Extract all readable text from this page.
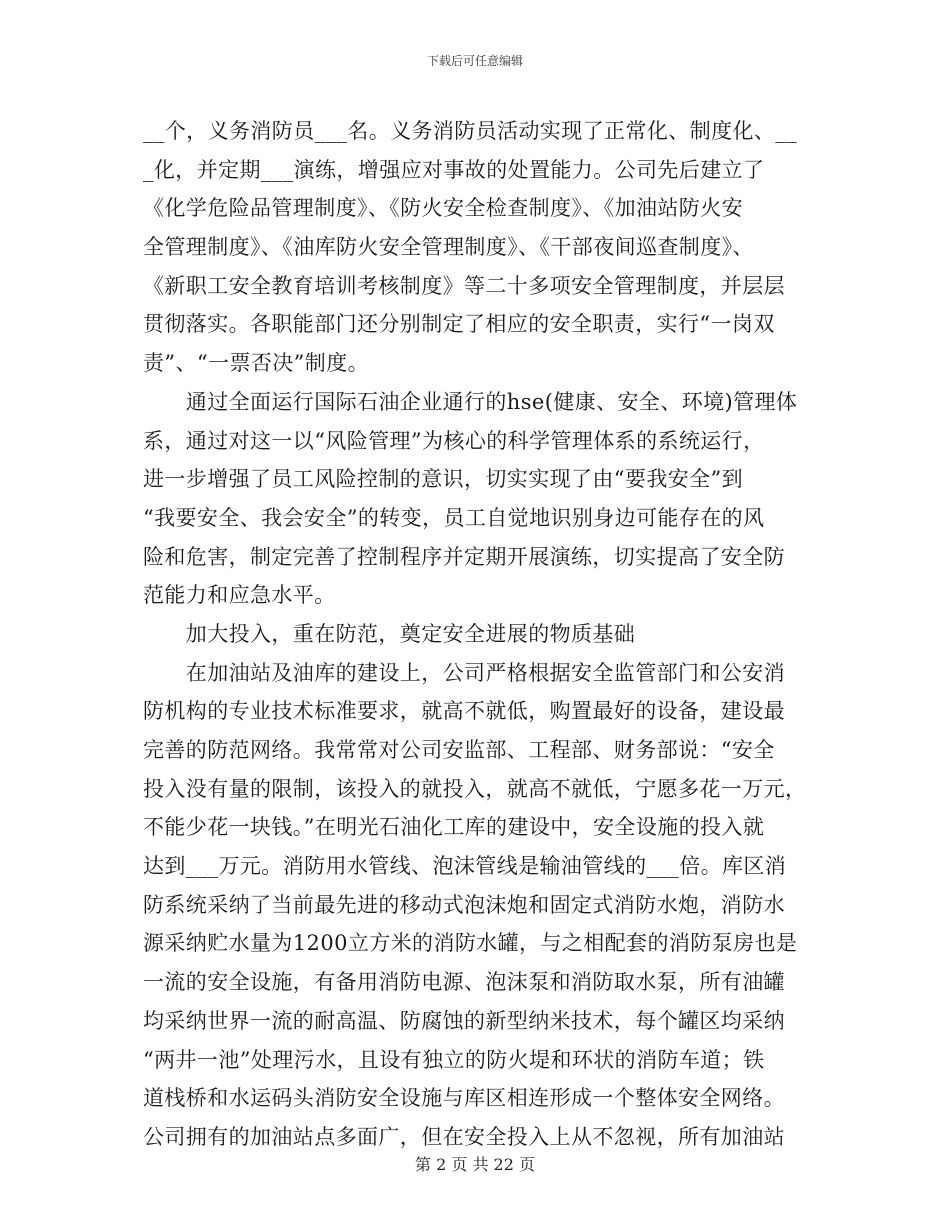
下载后可任意编辑
__个，义务消防员___名。义务消防员活动实现了正常化、制度化、__
_化，并定期___演练，增强应对事故的处置能力。公司先后建立了
《化学危险品管理制度》、《防火安全检查制度》、《加油站防火安
全管理制度》、《油库防火安全管理制度》、《干部夜间巡查制度》、
《新职工安全教育培训考核制度》等二十多项安全管理制度，并层层
贯彻落实。各职能部门还分别制定了相应的安全职责，实行“一岗双
责”、“一票否决”制度。
　　通过全面运行国际石油企业通行的hse(健康、安全、环境)管理体
系，通过对这一以“风险管理”为核心的科学管理体系的系统运行，
进一步增强了员工风险控制的意识，切实实现了由“要我安全”到
“我要安全、我会安全”的转变，员工自觉地识别身边可能存在的风
险和危害，制定完善了控制程序并定期开展演练，切实提高了安全防
范能力和应急水平。
　　加大投入，重在防范，奠定安全进展的物质基础
　　在加油站及油库的建设上，公司严格根据安全监管部门和公安消
防机构的专业技术标准要求，就高不就低，购置最好的设备，建设最
完善的防范网络。我常常对公司安监部、工程部、财务部说：“安全
投入没有量的限制，该投入的就投入，就高不就低，宁愿多花一万元，
不能少花一块钱。”在明光石油化工库的建设中，安全设施的投入就
达到___万元。消防用水管线、泡沫管线是输油管线的___倍。库区消
防系统采纳了当前最先进的移动式泡沫炮和固定式消防水炮，消防水
源采纳贮水量为1200立方米的消防水罐，与之相配套的消防泵房也是
一流的安全设施，有备用消防电源、泡沫泵和消防取水泵，所有油罐
均采纳世界一流的耐高温、防腐蚀的新型纳米技术，每个罐区均采纳
“两井一池”处理污水，且设有独立的防火堤和环状的消防车道；铁
道栈桥和水运码头消防安全设施与库区相连形成一个整体安全网络。
公司拥有的加油站点多面广，但在安全投入上从不忽视，所有加油站
第 2 页 共 22 页
